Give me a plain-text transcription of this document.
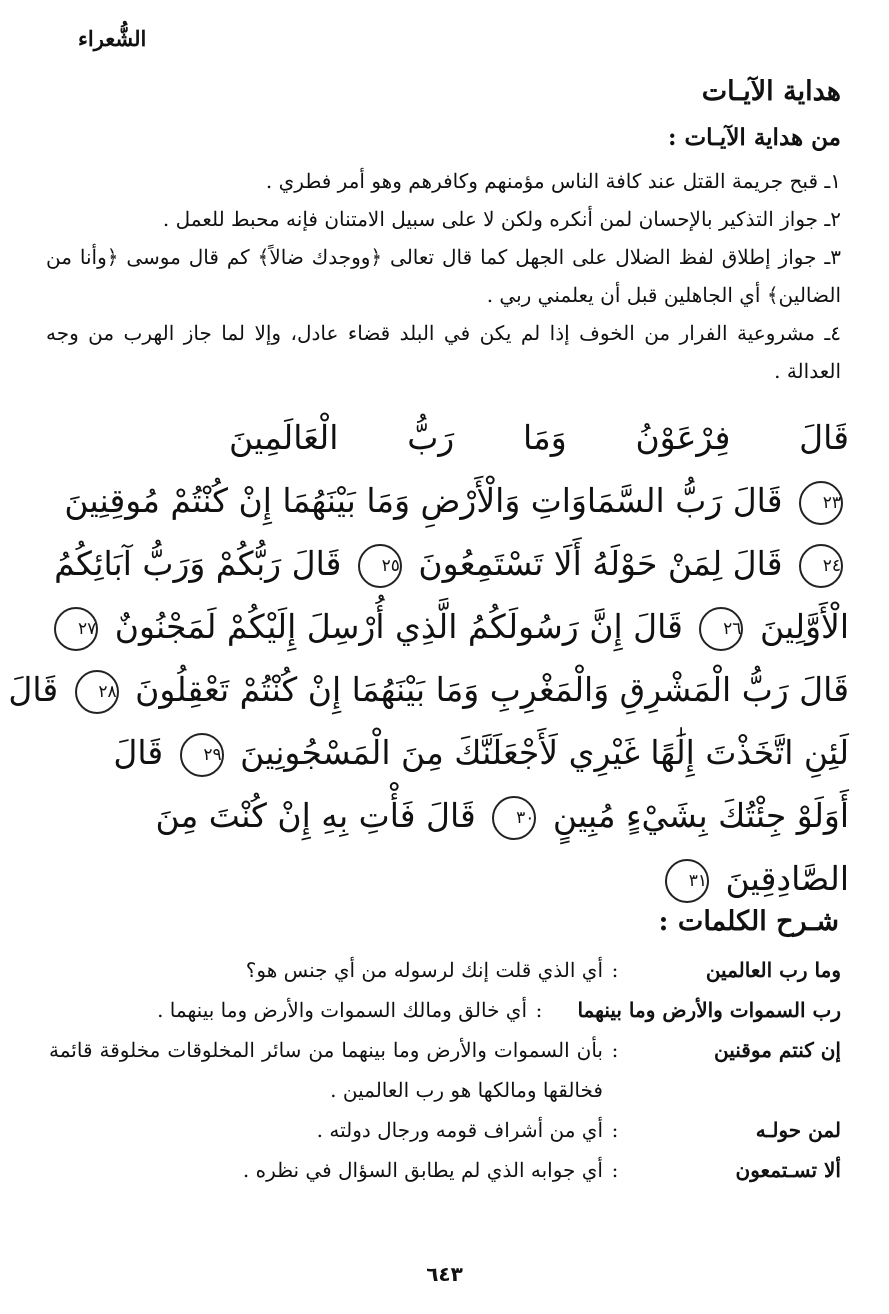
الشُّعراء
هداية الآيـات
من هداية الآيـات :

١ـ قبح جريمة القتل عند كافة الناس مؤمنهم وكافرهم وهو أمر فطري .

٢ـ جواز التذكير بالإحسان لمن أنكره ولكن لا على سبيل الامتنان فإنه محبط للعمل .

٣ـ جواز إطلاق لفظ الضلال على الجهل كما قال تعالى ﴿ووجدك ضالاً﴾ كم قال موسى ﴿وأنا من الضالين﴾ أي الجاهلين قبل أن يعلمني ربي .

٤ـ مشروعية الفرار من الخوف إذا لم يكن في البلد قضاء عادل، وإلا لما جاز الهرب من وجه العدالة .

قَالَ فِرْعَوْنُ وَمَا رَبُّ الْعَالَمِينَ
٢٣ قَالَ رَبُّ السَّمَاوَاتِ وَالْأَرْضِ وَمَا بَيْنَهُمَا إِنْ كُنْتُمْ مُوقِنِينَ
٢٤ قَالَ لِمَنْ حَوْلَهُ أَلَا تَسْتَمِعُونَ ٢٥ قَالَ رَبُّكُمْ وَرَبُّ آبَائِكُمُ
الْأَوَّلِينَ ٢٦ قَالَ إِنَّ رَسُولَكُمُ الَّذِي أُرْسِلَ إِلَيْكُمْ لَمَجْنُونٌ ٢٧
قَالَ رَبُّ الْمَشْرِقِ وَالْمَغْرِبِ وَمَا بَيْنَهُمَا إِنْ كُنْتُمْ تَعْقِلُونَ ٢٨ قَالَ
لَئِنِ اتَّخَذْتَ إِلَٰهًا غَيْرِي لَأَجْعَلَنَّكَ مِنَ الْمَسْجُونِينَ ٢٩ قَالَ
أَوَلَوْ جِئْتُكَ بِشَيْءٍ مُبِينٍ ٣٠ قَالَ فَأْتِ بِهِ إِنْ كُنْتَ مِنَ
الصَّادِقِينَ ٣١
شـرح الكلمات :
وما رب العالمين
:
أي الذي قلت إنك لرسوله من أي جنس هو؟
رب السموات والأرض وما بينهما
:
أي خالق ومالك السموات والأرض وما بينهما .
إن كنتم موقنين
:
بأن السموات والأرض وما بينهما من سائر المخلوقات مخلوقة قائمة فخالقها ومالكها هو رب العالمين .
لمن حولـه
:
أي من أشراف قومه ورجال دولته .
ألا تسـتمعون
:
أي جوابه الذي لم يطابق السؤال في نظره .
٦٤٣
